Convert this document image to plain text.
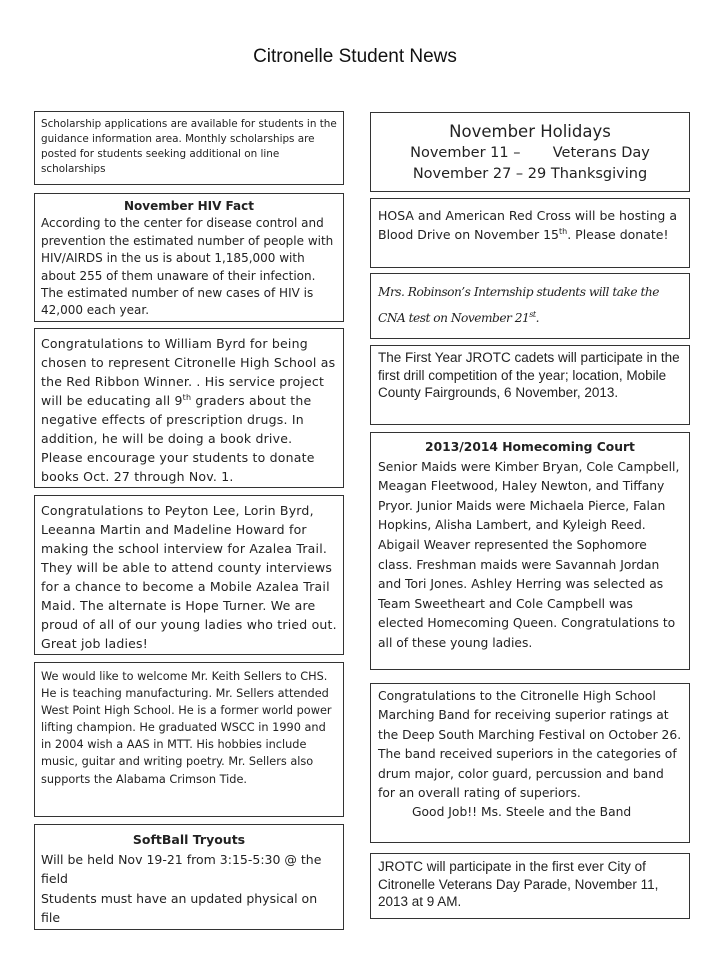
Citronelle Student News

Scholarship applications are available for students in the guidance information area. Monthly scholarships are posted for students seeking additional on line scholarships

November HIV Fact

According to the center for disease control and prevention the estimated number of people with HIV/AIRDS in the us is about 1,185,000 with about 255 of them unaware of their infection. The estimated number of new cases of HIV is 42,000 each year.

Congratulations to William Byrd for being chosen to represent Citronelle High School as the Red Ribbon Winner. . His service project will be educating all 9th graders about the negative effects of prescription drugs. In addition, he will be doing a book drive. Please encourage your students to donate books Oct. 27 through Nov. 1.

Congratulations to Peyton Lee, Lorin Byrd, Leeanna Martin and Madeline Howard for making the school interview for Azalea Trail. They will be able to attend county interviews for a chance to become a Mobile Azalea Trail Maid. The alternate is Hope Turner. We are proud of all of our young ladies who tried out. Great job ladies!

We would like to welcome Mr. Keith Sellers to CHS. He is teaching manufacturing. Mr. Sellers attended West Point High School. He is a former world power lifting champion. He graduated WSCC in 1990 and in 2004 wish a AAS in MTT. His hobbies include music, guitar and writing poetry. Mr. Sellers also supports the Alabama Crimson Tide.

SoftBall Tryouts

Will be held Nov 19-21 from 3:15-5:30 @ the field

Students must have an updated physical on file

November Holidays

November 11 –       Veterans Day

November 27 – 29 Thanksgiving

HOSA and American Red Cross will be hosting a Blood Drive on November 15th. Please donate!

Mrs. Robinson’s Internship students will take the CNA test on November 21st.

The First Year JROTC cadets will participate in the first drill competition of the year; location, Mobile County Fairgrounds, 6 November, 2013.

2013/2014 Homecoming Court

Senior Maids were Kimber Bryan, Cole Campbell, Meagan Fleetwood, Haley Newton, and Tiffany Pryor. Junior Maids were Michaela Pierce, Falan Hopkins, Alisha Lambert, and Kyleigh Reed. Abigail Weaver represented the Sophomore class. Freshman maids were Savannah Jordan and Tori Jones. Ashley Herring was selected as Team Sweetheart and Cole Campbell was elected Homecoming Queen. Congratulations to all of these young ladies.

Congratulations to the Citronelle High School Marching Band for receiving superior ratings at the Deep South Marching Festival on October 26. The band received superiors in the categories of drum major, color guard, percussion and band for an overall rating of superiors.

Good Job!! Ms. Steele and the Band

JROTC will participate in the first ever City of Citronelle Veterans Day Parade, November 11, 2013 at 9 AM.
